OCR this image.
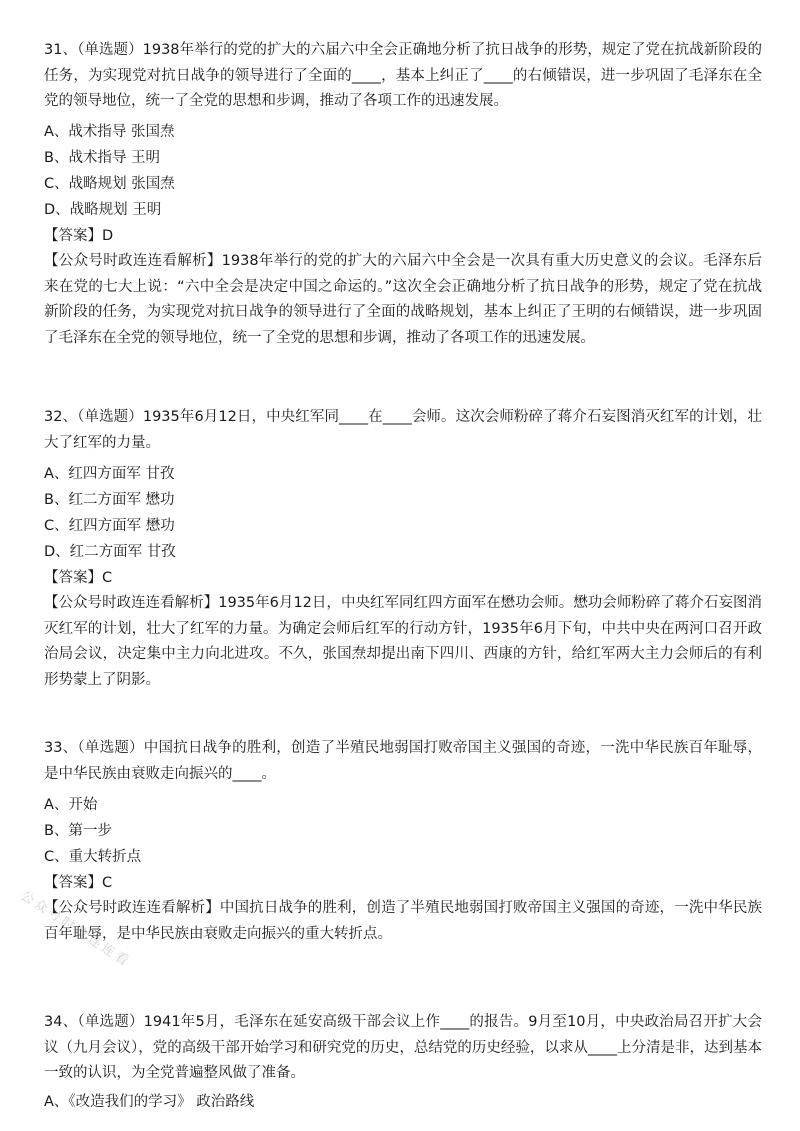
31、（单选题）1938年举行的党的扩大的六届六中全会正确地分析了抗日战争的形势，规定了党在抗战新阶段的任务，为实现党对抗日战争的领导进行了全面的____，基本上纠正了____的右倾错误，进一步巩固了毛泽东在全党的领导地位，统一了全党的思想和步调，推动了各项工作的迅速发展。

A、战术指导 张国焘
B、战术指导 王明
C、战略规划 张国焘
D、战略规划 王明
【答案】D

【公众号时政连连看解析】1938年举行的党的扩大的六届六中全会是一次具有重大历史意义的会议。毛泽东后来在党的七大上说：“六中全会是决定中国之命运的。”这次全会正确地分析了抗日战争的形势，规定了党在抗战新阶段的任务，为实现党对抗日战争的领导进行了全面的战略规划，基本上纠正了王明的右倾错误，进一步巩固了毛泽东在全党的领导地位，统一了全党的思想和步调，推动了各项工作的迅速发展。

32、（单选题）1935年6月12日，中央红军同____在____会师。这次会师粉碎了蒋介石妄图消灭红军的计划，壮大了红军的力量。

A、红四方面军 甘孜
B、红二方面军 懋功
C、红四方面军 懋功
D、红二方面军 甘孜
【答案】C

【公众号时政连连看解析】1935年6月12日，中央红军同红四方面军在懋功会师。懋功会师粉碎了蒋介石妄图消灭红军的计划，壮大了红军的力量。为确定会师后红军的行动方针，1935年6月下旬，中共中央在两河口召开政治局会议，决定集中主力向北进攻。不久，张国焘却提出南下四川、西康的方针，给红军两大主力会师后的有利形势蒙上了阴影。

33、（单选题）中国抗日战争的胜利，创造了半殖民地弱国打败帝国主义强国的奇迹，一洗中华民族百年耻辱，是中华民族由衰败走向振兴的____。

A、开始
B、第一步
C、重大转折点
【答案】C

【公众号时政连连看解析】中国抗日战争的胜利，创造了半殖民地弱国打败帝国主义强国的奇迹，一洗中华民族百年耻辱，是中华民族由衰败走向振兴的重大转折点。

34、（单选题）1941年5月，毛泽东在延安高级干部会议上作____的报告。9月至10月，中央政治局召开扩大会议（九月会议），党的高级干部开始学习和研究党的历史，总结党的历史经验，以求从____上分清是非，达到基本一致的认识，为全党普遍整风做了准备。

A、《改造我们的学习》 政治路线
公众号时政连连看
